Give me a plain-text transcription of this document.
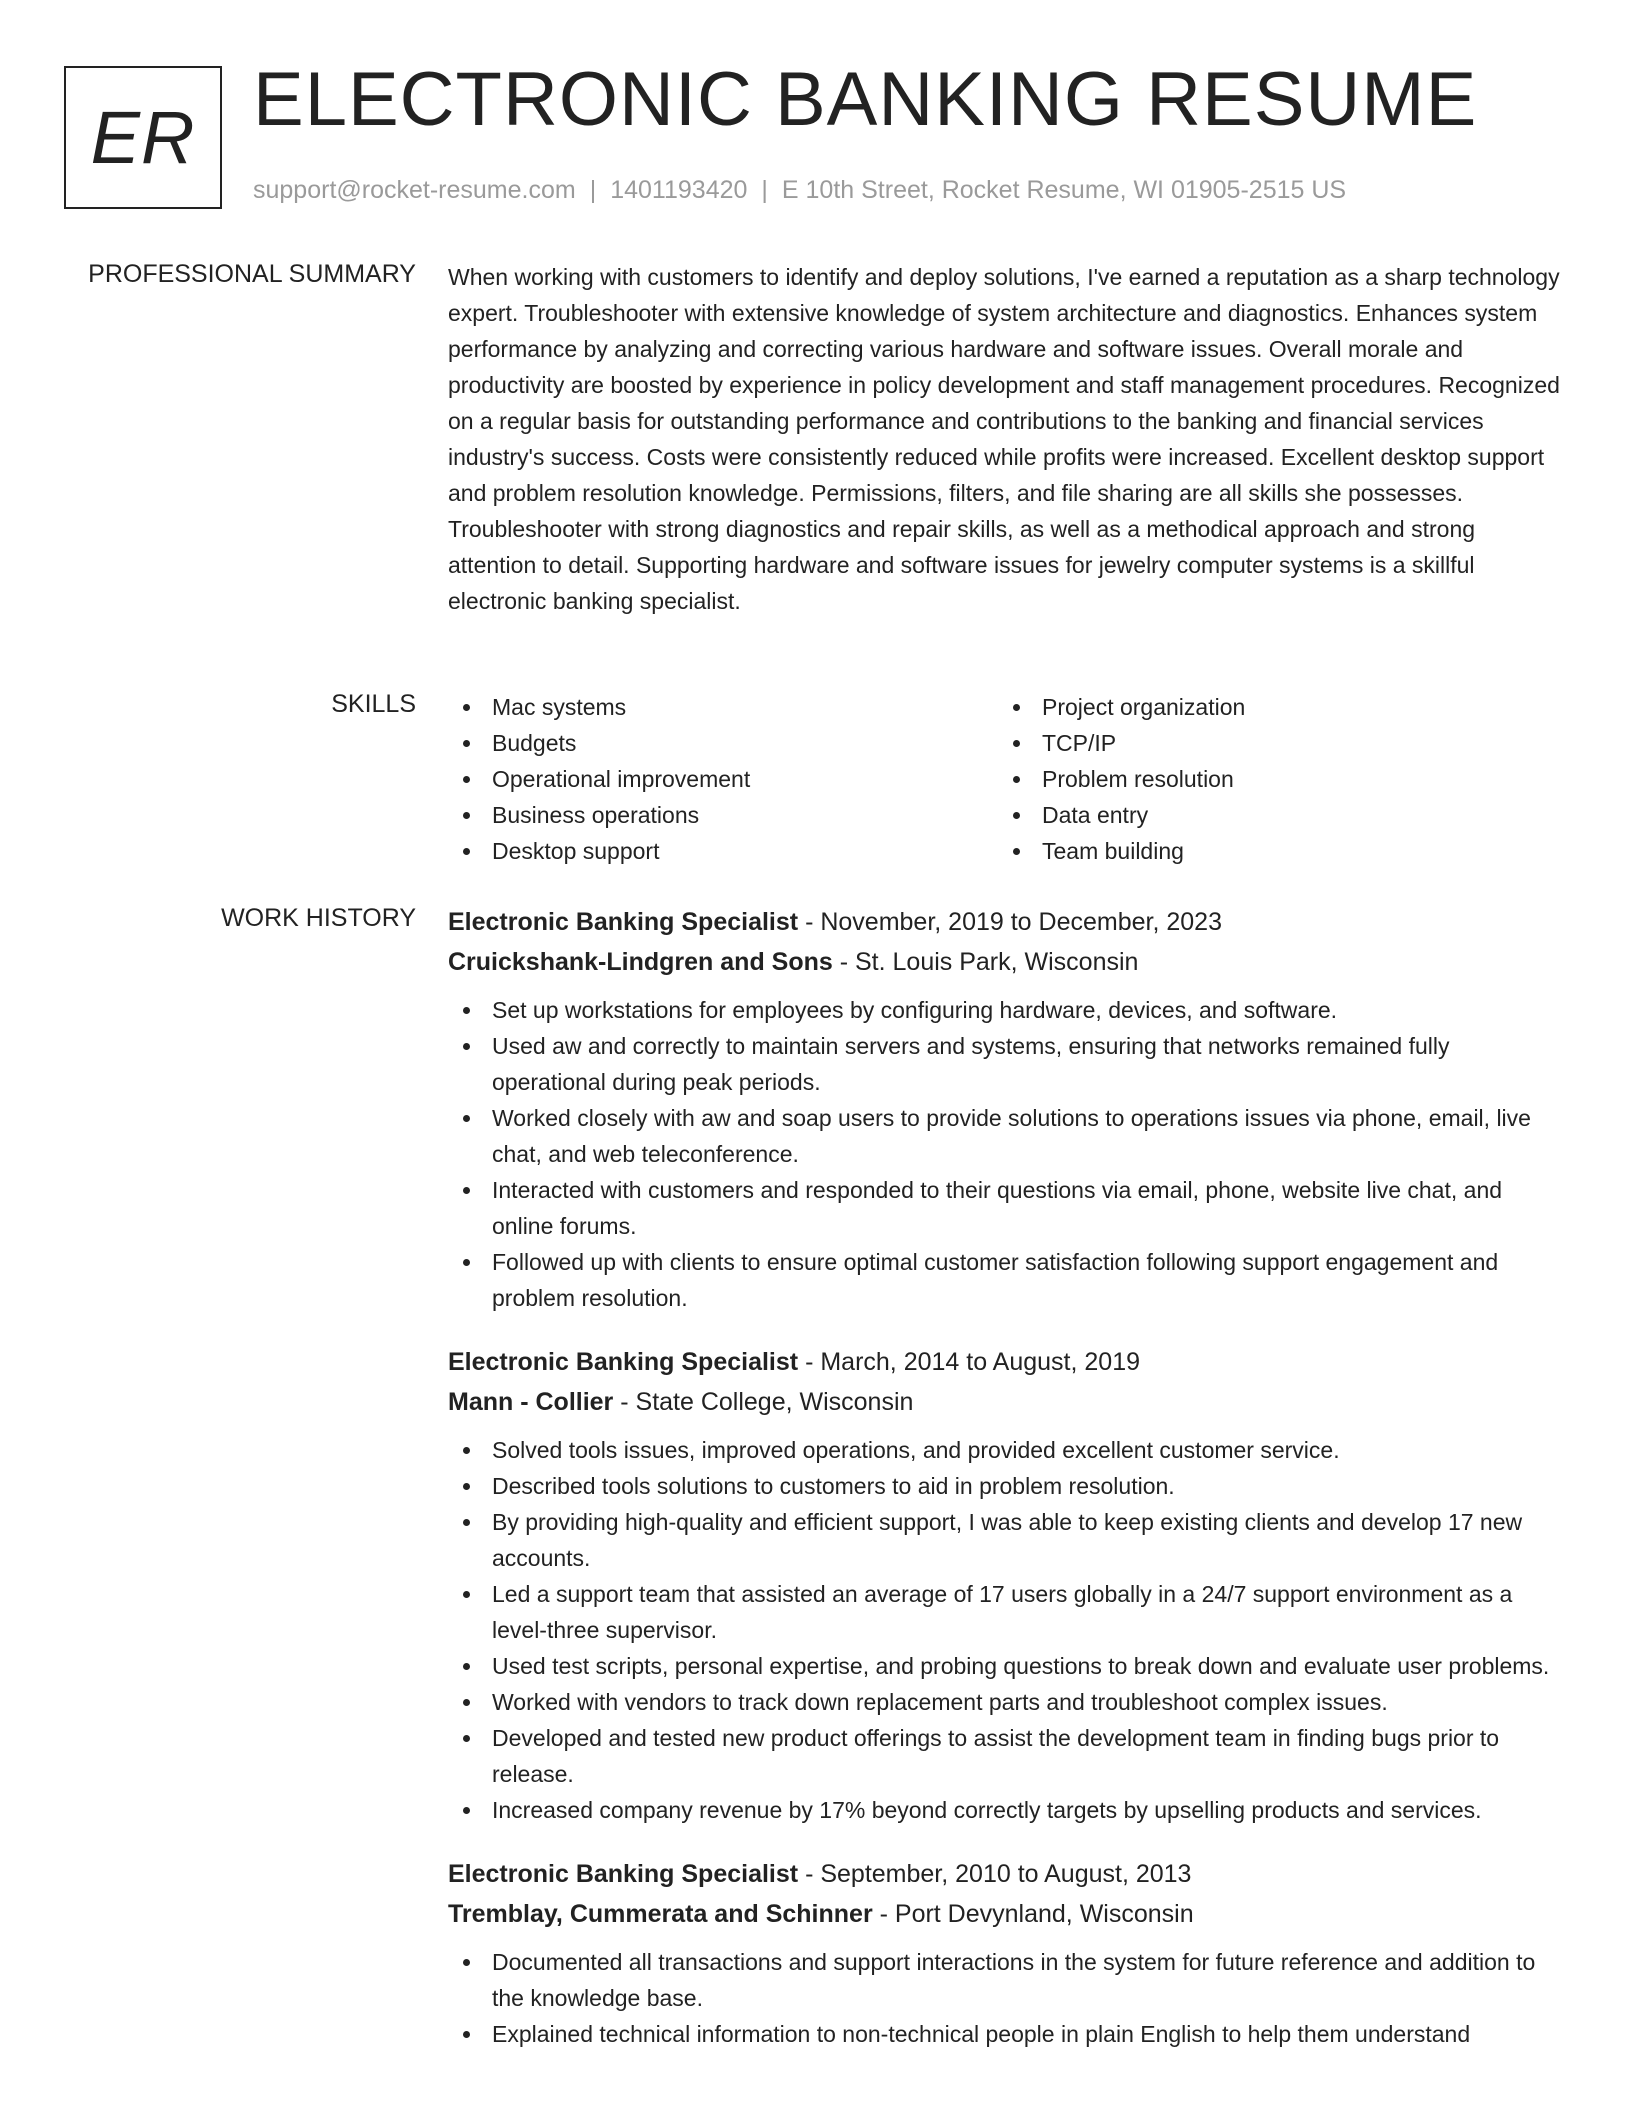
ER ELECTRONIC BANKING RESUME
support@rocket-resume.com | 1401193420 | E 10th Street, Rocket Resume, WI 01905-2515 US
PROFESSIONAL SUMMARY When working with customers to identify and deploy solutions, I've earned a reputation as a sharp technology expert. Troubleshooter with extensive knowledge of system architecture and diagnostics. Enhances system performance by analyzing and correcting various hardware and software issues. Overall morale and productivity are boosted by experience in policy development and staff management procedures. Recognized on a regular basis for outstanding performance and contributions to the banking and financial services industry's success. Costs were consistently reduced while profits were increased. Excellent desktop support and problem resolution knowledge. Permissions, filters, and file sharing are all skills she possesses. Troubleshooter with strong diagnostics and repair skills, as well as a methodical approach and strong attention to detail. Supporting hardware and software issues for jewelry computer systems is a skillful electronic banking specialist.

SKILLS	Mac systems
Budgets
Operational improvement
Business operations
Desktop support
Project organization
TCP/IP
Problem resolution
Data entry
Team building
WORK HISTORY Electronic Banking Specialist - November, 2019 to December, 2023
Cruickshank-Lindgren and Sons - St. Louis Park, Wisconsin
Set up workstations for employees by configuring hardware, devices, and software.
Used aw and correctly to maintain servers and systems, ensuring that networks remained fully operational during peak periods.
Worked closely with aw and soap users to provide solutions to operations issues via phone, email, live chat, and web teleconference.
Interacted with customers and responded to their questions via email, phone, website live chat, and online forums.
Followed up with clients to ensure optimal customer satisfaction following support engagement and problem resolution.
Electronic Banking Specialist - March, 2014 to August, 2019
Mann - Collier - State College, Wisconsin
Solved tools issues, improved operations, and provided excellent customer service.
Described tools solutions to customers to aid in problem resolution.
By providing high-quality and efficient support, I was able to keep existing clients and develop 17 new accounts.
Led a support team that assisted an average of 17 users globally in a 24/7 support environment as a level-three supervisor.
Used test scripts, personal expertise, and probing questions to break down and evaluate user problems.
Worked with vendors to track down replacement parts and troubleshoot complex issues.
Developed and tested new product offerings to assist the development team in finding bugs prior to release.
Increased company revenue by 17% beyond correctly targets by upselling products and services.
Electronic Banking Specialist - September, 2010 to August, 2013
Tremblay, Cummerata and Schinner - Port Devynland, Wisconsin
Documented all transactions and support interactions in the system for future reference and addition to the knowledge base.
Explained technical information to non-technical people in plain English to help them understand
